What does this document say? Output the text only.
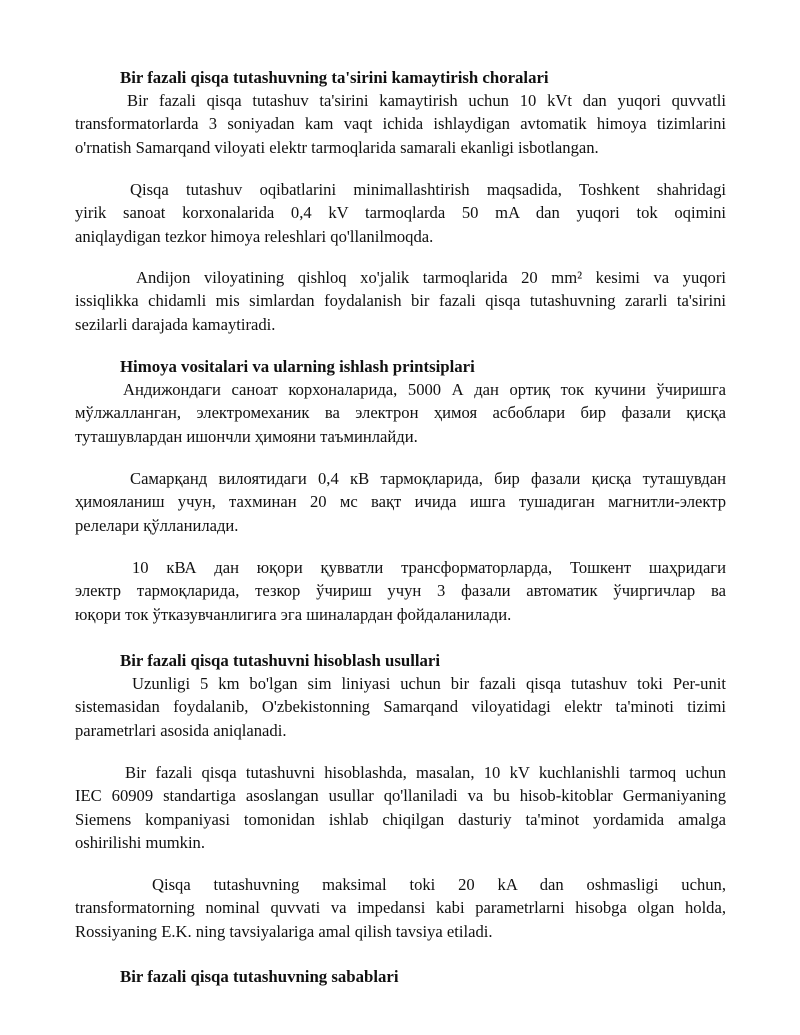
Bir fazali qisqa tutashuvning ta'sirini kamaytirish choralari
Bir fazali qisqa tutashuv ta'sirini kamaytirish uchun 10 kVt dan yuqori quvvatli
transformatorlarda 3 soniyadan kam vaqt ichida ishlaydigan avtomatik himoya tizimlarini
o'rnatish Samarqand viloyati elektr tarmoqlarida samarali ekanligi isbotlangan.
Qisqa tutashuv oqibatlarini minimallashtirish maqsadida, Toshkent shahridagi
yirik sanoat korxonalarida 0,4 kV tarmoqlarda 50 mA dan yuqori tok oqimini
aniqlaydigan tezkor himoya releshlari qo'llanilmoqda.
Andijon viloyatining qishloq xo'jalik tarmoqlarida 20 mm² kesimi va yuqori
issiqlikka chidamli mis simlardan foydalanish bir fazali qisqa tutashuvning zararli ta'sirini
sezilarli darajada kamaytiradi.
Himoya vositalari va ularning ishlash printsiplari
Андижондаги саноат корхоналарида, 5000 А дан ортиқ ток кучини ўчиришга
мўлжалланган, электромеханик ва электрон ҳимоя асбоблари бир фазали қисқа
туташувлардан ишончли ҳимояни таъминлайди.
Самарқанд вилоятидаги 0,4 кВ тармоқларида, бир фазали қисқа туташувдан
ҳимояланиш учун, тахминан 20 мс вақт ичида ишга тушадиган магнитли-электр
релелари қўлланилади.
10 кВА дан юқори қувватли трансформаторларда, Тошкент шаҳридаги
электр тармоқларида, тезкор ўчириш учун 3 фазали автоматик ўчиргичлар ва
юқори ток ўтказувчанлигига эга шиналардан фойдаланилади.
Bir fazali qisqa tutashuvni hisoblash usullari
Uzunligi 5 km bo'lgan sim liniyasi uchun bir fazali qisqa tutashuv toki Per-unit
sistemasidan foydalanib, O'zbekistonning Samarqand viloyatidagi elektr ta'minoti tizimi
parametrlari asosida aniqlanadi.
Bir fazali qisqa tutashuvni hisoblashda, masalan, 10 kV kuchlanishli tarmoq uchun
IEC 60909 standartiga asoslangan usullar qo'llaniladi va bu hisob-kitoblar Germaniyaning
Siemens kompaniyasi tomonidan ishlab chiqilgan dasturiy ta'minot yordamida amalga
oshirilishi mumkin.
Qisqa tutashuvning maksimal toki 20 kA dan oshmasligi uchun,
transformatorning nominal quvvati va impedansi kabi parametrlarni hisobga olgan holda,
Rossiyaning E.K. ning tavsiyalariga amal qilish tavsiya etiladi.
Bir fazali qisqa tutashuvning sabablari
